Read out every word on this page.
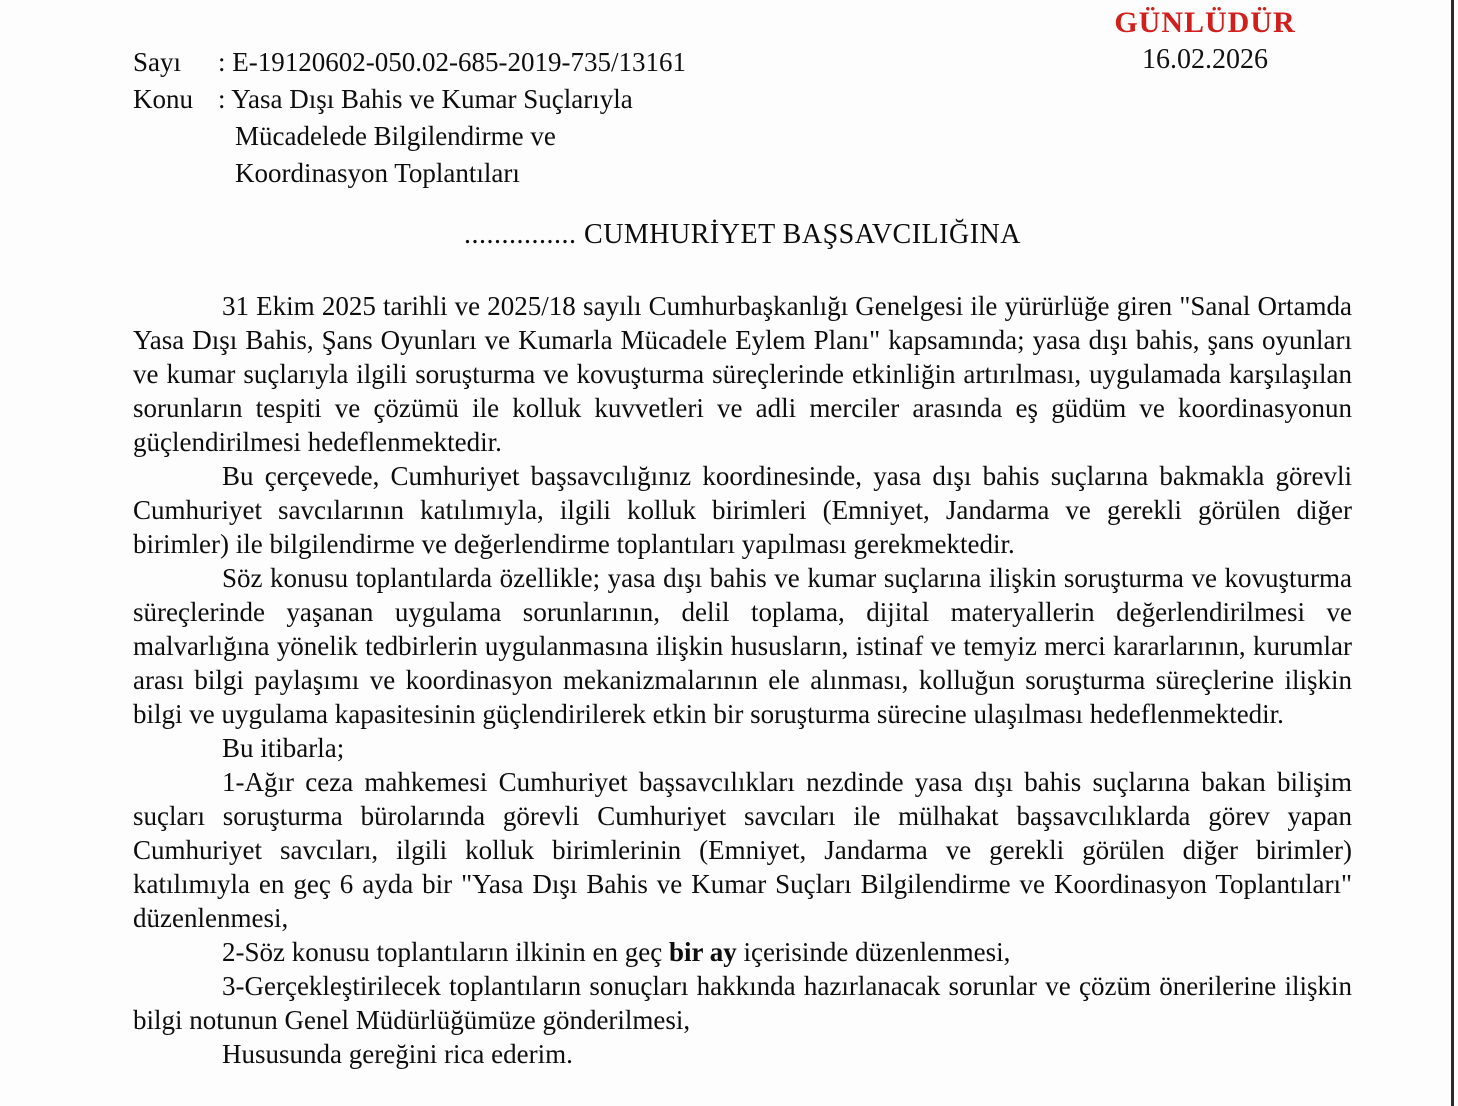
GÜNLÜDÜR
16.02.2026
Sayı	: E-19120602-050.02-685-2019-735/13161
Konu : Yasa Dışı Bahis ve Kumar Suçlarıyla
Mücadelede Bilgilendirme ve
Koordinasyon Toplantıları
............... CUMHURİYET BAŞSAVCILIĞINA

31 Ekim 2025 tarihli ve 2025/18 sayılı Cumhurbaşkanlığı Genelgesi ile yürürlüğe giren "Sanal Ortamda Yasa Dışı Bahis, Şans Oyunları ve Kumarla Mücadele Eylem Planı" kapsamında; yasa dışı bahis, şans oyunları ve kumar suçlarıyla ilgili soruşturma ve kovuşturma süreçlerinde etkinliğin artırılması, uygulamada karşılaşılan sorunların tespiti ve çözümü ile kolluk kuvvetleri ve adli merciler arasında eş güdüm ve koordinasyonun güçlendirilmesi hedeflenmektedir.

Bu çerçevede, Cumhuriyet başsavcılığınız koordinesinde, yasa dışı bahis suçlarına bakmakla görevli Cumhuriyet savcılarının katılımıyla, ilgili kolluk birimleri (Emniyet, Jandarma ve gerekli görülen diğer birimler) ile bilgilendirme ve değerlendirme toplantıları yapılması gerekmektedir.

Söz konusu toplantılarda özellikle; yasa dışı bahis ve kumar suçlarına ilişkin soruşturma ve kovuşturma süreçlerinde yaşanan uygulama sorunlarının, delil toplama, dijital materyallerin değerlendirilmesi ve malvarlığına yönelik tedbirlerin uygulanmasına ilişkin hususların, istinaf ve temyiz merci kararlarının, kurumlar arası bilgi paylaşımı ve koordinasyon mekanizmalarının ele alınması, kolluğun soruşturma süreçlerine ilişkin bilgi ve uygulama kapasitesinin güçlendirilerek etkin bir soruşturma sürecine ulaşılması hedeflenmektedir.

Bu itibarla;

1-Ağır ceza mahkemesi Cumhuriyet başsavcılıkları nezdinde yasa dışı bahis suçlarına bakan bilişim suçları soruşturma bürolarında görevli Cumhuriyet savcıları ile mülhakat başsavcılıklarda görev yapan Cumhuriyet savcıları, ilgili kolluk birimlerinin (Emniyet, Jandarma ve gerekli görülen diğer birimler) katılımıyla en geç 6 ayda bir "Yasa Dışı Bahis ve Kumar Suçları Bilgilendirme ve Koordinasyon Toplantıları" düzenlenmesi,

2-Söz konusu toplantıların ilkinin en geç bir ay içerisinde düzenlenmesi,

3-Gerçekleştirilecek toplantıların sonuçları hakkında hazırlanacak sorunlar ve çözüm önerilerine ilişkin bilgi notunun Genel Müdürlüğümüze gönderilmesi,

Hususunda gereğini rica ederim.
